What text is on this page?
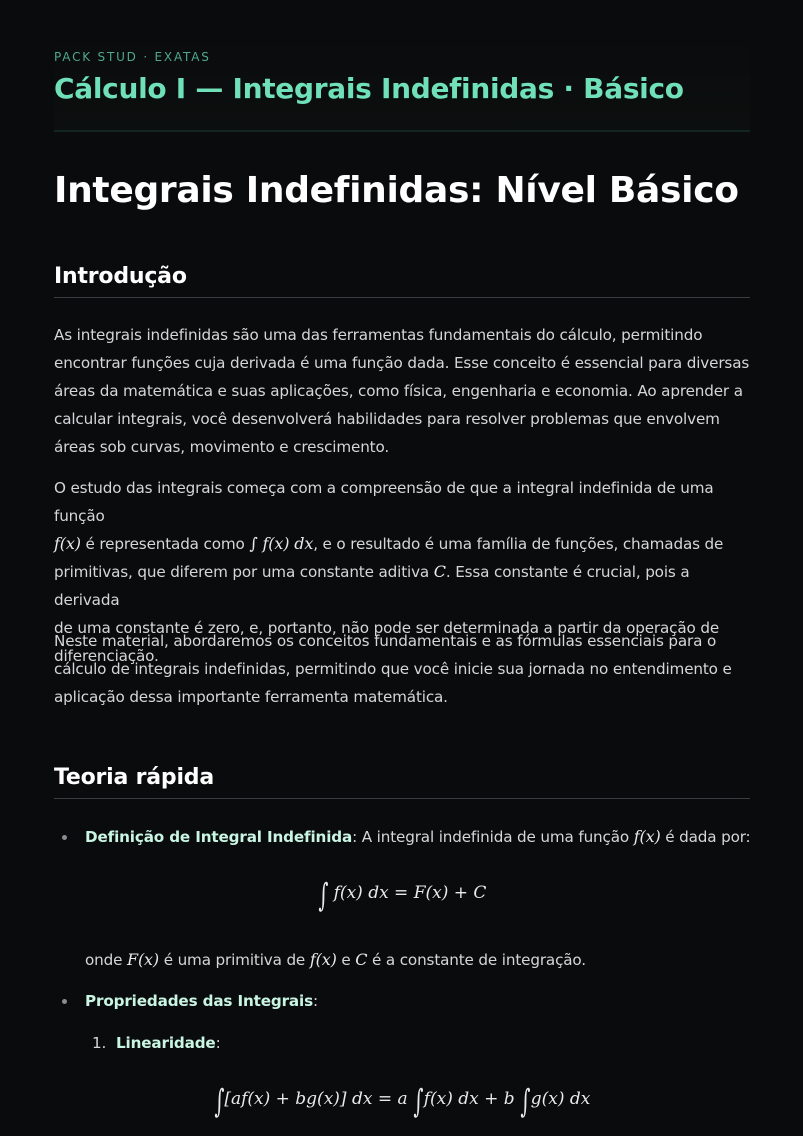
PACK STUD · EXATAS
Cálculo I — Integrais Indefinidas · Básico
Integrais Indefinidas: Nível Básico
Introdução
As integrais indefinidas são uma das ferramentas fundamentais do cálculo, permitindo encontrar funções cuja derivada é uma função dada. Esse conceito é essencial para diversas áreas da matemática e suas aplicações, como física, engenharia e economia. Ao aprender a calcular integrais, você desenvolverá habilidades para resolver problemas que envolvem áreas sob curvas, movimento e crescimento.
O estudo das integrais começa com a compreensão de que a integral indefinida de uma função
f(x) é representada como ∫ f(x) dx, e o resultado é uma família de funções, chamadas de
primitivas, que diferem por uma constante aditiva C. Essa constante é crucial, pois a derivada
de uma constante é zero, e, portanto, não pode ser determinada a partir da operação de
diferenciação.
Neste material, abordaremos os conceitos fundamentais e as fórmulas essenciais para o cálculo de integrais indefinidas, permitindo que você inicie sua jornada no entendimento e aplicação dessa importante ferramenta matemática.
Teoria rápida
Definição de Integral Indefinida: A integral indefinida de uma função f(x) é dada por:
∫ f(x) dx = F(x) + C
onde F(x) é uma primitiva de f(x) e C é a constante de integração.
Propriedades das Integrais:
1. Linearidade:
∫[af(x) + bg(x)] dx = a ∫f(x) dx + b ∫g(x) dx
